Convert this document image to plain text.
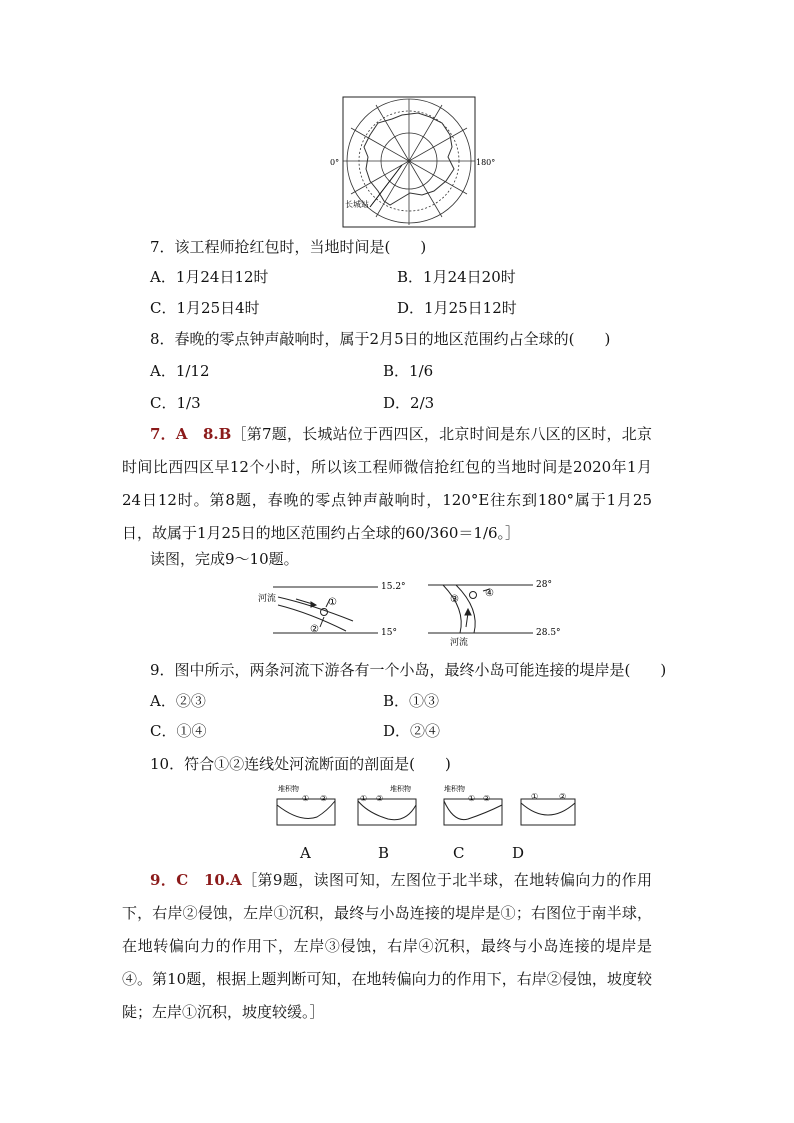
0°	180°
长城站
7．该工程师抢红包时，当地时间是(　　)
A．1月24日12时	B．1月24日20时
C．1月25日4时	D．1月25日12时
8．春晚的零点钟声敲响时，属于2月5日的地区范围约占全球的(　　)
A．1/12	B．1/6
C．1/3	D．2/3
7．A　8.B［第7题，长城站位于西四区，北京时间是东八区的区时，北京时间比西四区早12个小时，所以该工程师微信抢红包的当地时间是2020年1月24日12时。第8题，春晚的零点钟声敲响时，120°E往东到180°属于1月25日，故属于1月25日的地区范围约占全球的60/360＝1/6。］
读图，完成9～10题。
河流
15.2°
15°
①
②
28°
28.5°
河流
③
④
9．图中所示，两条河流下游各有一个小岛，最终小岛可能连接的堤岸是(　　)
A．②③	B．①③
C．①④	D．②④
10．符合①②连线处河流断面的剖面是(　　)
堆积物	堆积物	堆积物
① ②	① ②	① ②	①	②
A	B	C	D
9．C　10.A［第9题，读图可知，左图位于北半球，在地转偏向力的作用下，右岸②侵蚀，左岸①沉积，最终与小岛连接的堤岸是①；右图位于南半球，在地转偏向力的作用下，左岸③侵蚀，右岸④沉积，最终与小岛连接的堤岸是④。第10题，根据上题判断可知，在地转偏向力的作用下，右岸②侵蚀，坡度较陡；左岸①沉积，坡度较缓。］
